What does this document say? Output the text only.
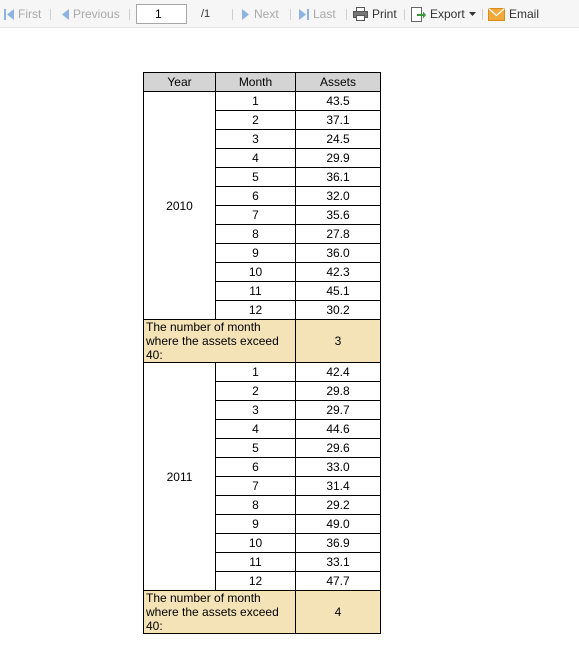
First	Previous
1	/1	Next	Last	Print	Export	Email
Year	Month	Assets
2010	1	43.5
	2	37.1
	3	24.5
	4	29.9
	5	36.1
	6	32.0
	7	35.6
	8	27.8
	9	36.0
	10	42.3
	11	45.1
	12	30.2
The number of month where the assets exceed 40:		3
2011	1	42.4
	2	29.8
	3	29.7
	4	44.6
	5	29.6
	6	33.0
	7	31.4
	8	29.2
	9	49.0
	10	36.9
	11	33.1
	12	47.7
The number of month where the assets exceed 40:		4
